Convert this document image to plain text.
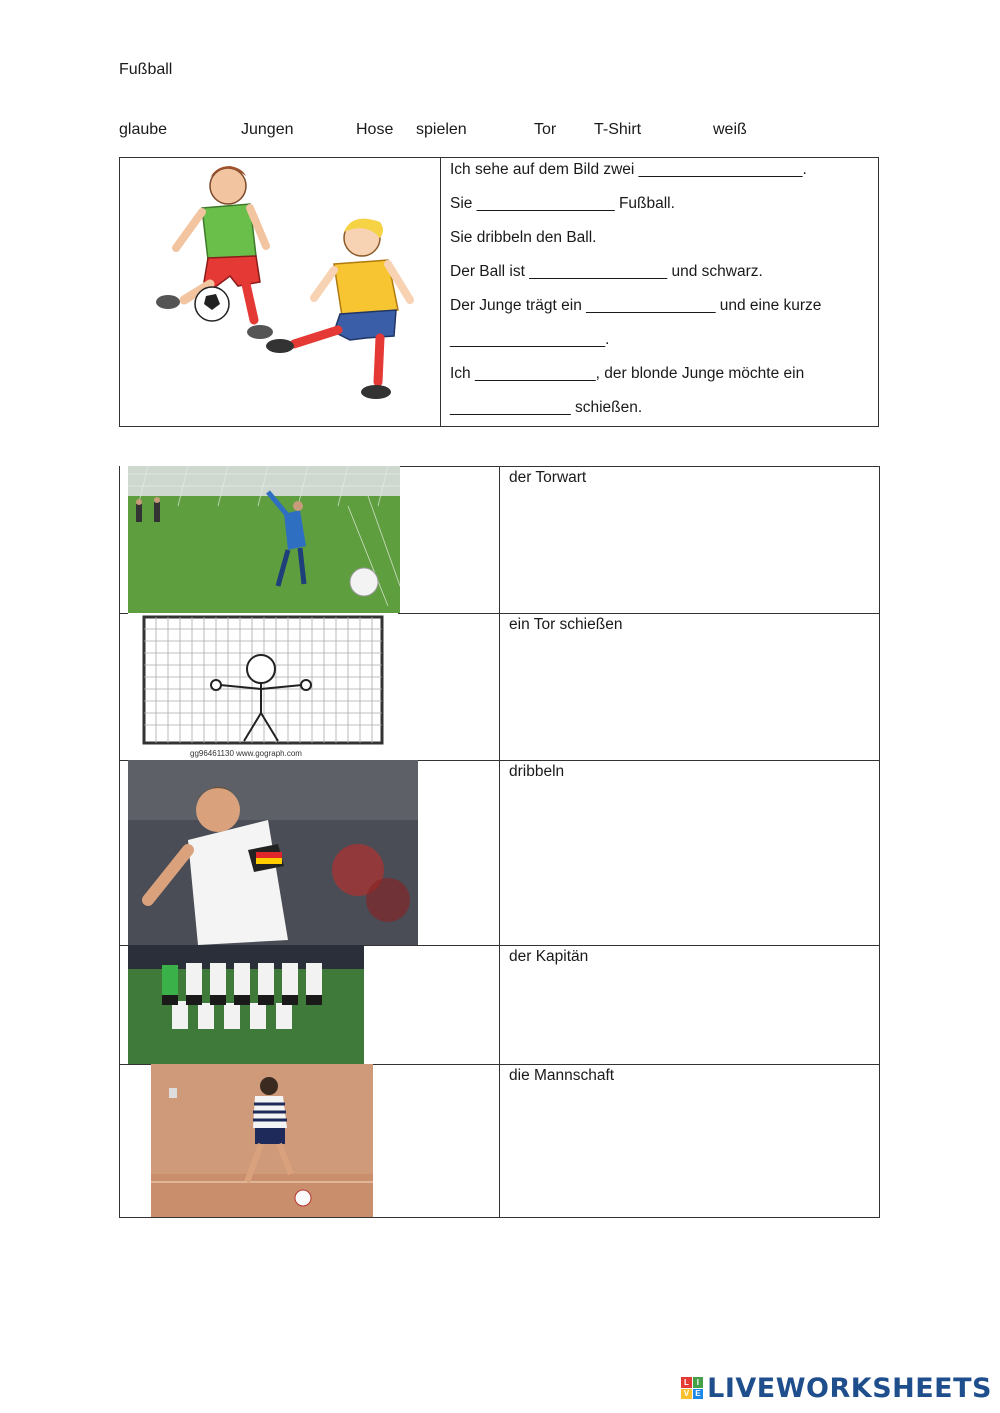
Fußball
glaube	Jungen	Hose spielen	Tor T-Shirt	weiß
Ich sehe auf dem Bild zwei ___________________.
Sie ________________ Fußball.
Sie dribbeln den Ball.
Der Ball ist ________________ und schwarz.
Der Junge trägt ein _______________ und eine kurze
__________________.
Ich ______________, der blonde Junge möchte ein
______________ schießen.
der Torwart
gg96461130 www.gograph.com
ein Tor schießen
dribbeln
der Kapitän
die Mannschaft
L I
V E LIVEWORKSHEETS
